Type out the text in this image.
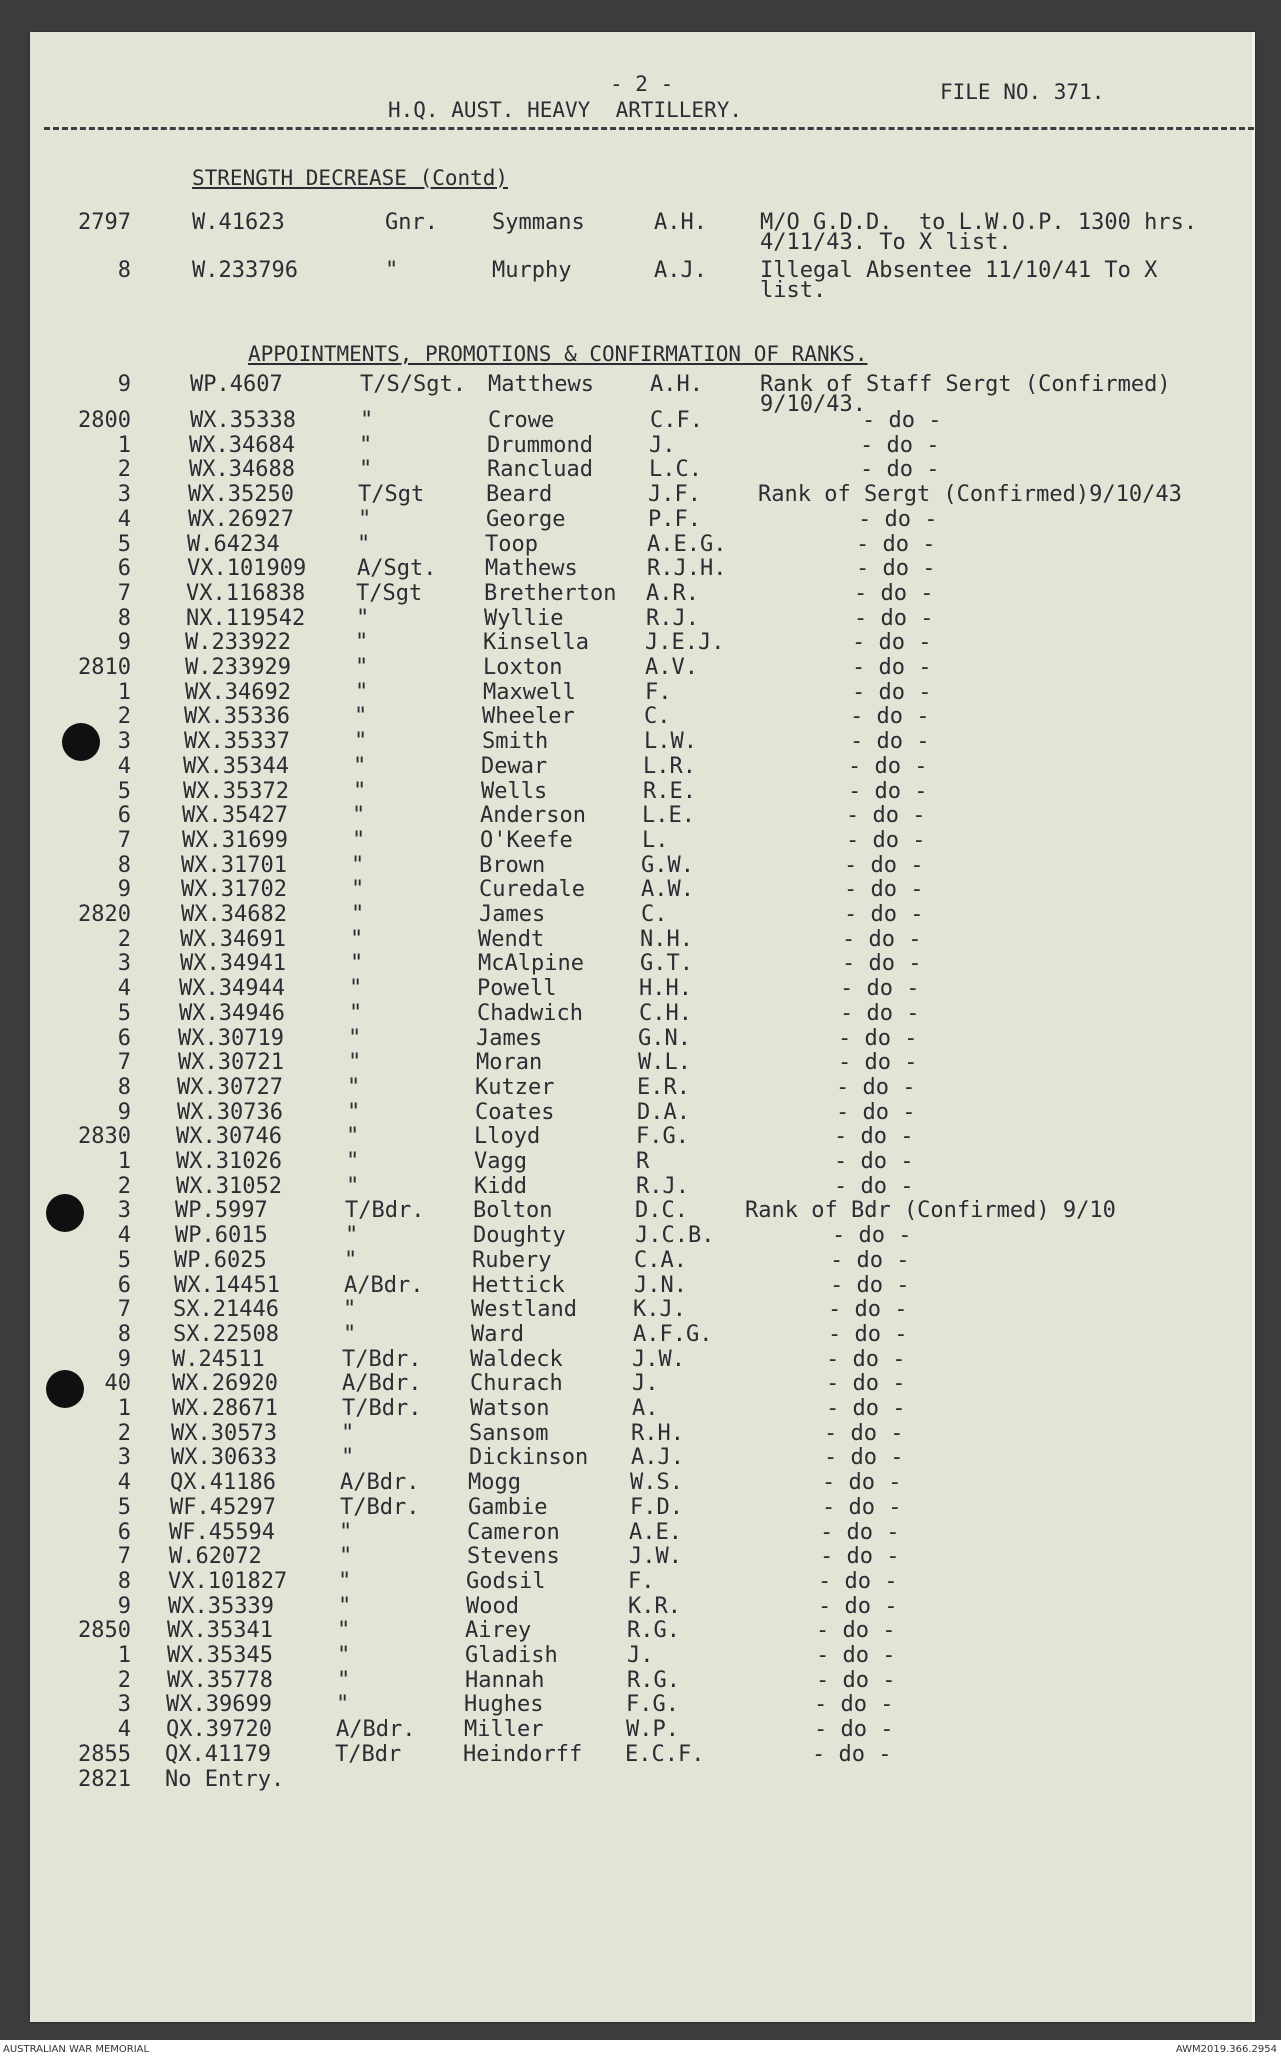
- 2 -
H.Q. AUST. HEAVY  ARTILLERY.
FILE NO. 371.
STRENGTH DECREASE (Contd)
2797	W.41623	Gnr. Symmans	A.H. M/O G.D.D.  to L.W.O.P. 1300 hrs.
4/11/43. To X list.
8	W.233796	"	Murphy	A.J. Illegal Absentee 11/10/41 To X
list.
APPOINTMENTS, PROMOTIONS & CONFIRMATION OF RANKS.
9	WP.4607	T/S/Sgt. Matthews	A.H.	Rank of Staff Sergt (Confirmed)
9/10/43.
2800	WX.35338	"	Crowe	C.F.	- do -
1	WX.34684	"	Drummond	J.	- do -
2	WX.34688	"	Rancluad	L.C.	- do -
3	WX.35250	T/Sgt	Beard	J.F.	Rank of Sergt (Confirmed)9/10/43
4	WX.26927	"	George	P.F.	- do -
5	W.64234	"	Toop	A.E.G.	- do -
6	VX.101909 A/Sgt. Mathews	R.J.H.	- do -
7	VX.116838 T/Sgt	Bretherton A.R.	- do -
8	NX.119542 "	Wyllie	R.J.	- do -
9 W.233922	"	Kinsella	J.E.J.	- do -
2810 W.233929	"	Loxton	A.V.	- do -
1 WX.34692	"	Maxwell	F.	- do -
2 WX.35336	"	Wheeler	C.	- do -
3 WX.35337	"	Smith	L.W.	- do -
4 WX.35344	"	Dewar	L.R.	- do -
5 WX.35372	"	Wells	R.E.	- do -
6 WX.35427	"	Anderson	L.E.	- do -
7 WX.31699	"	O'Keefe	L.	- do -
8 WX.31701	"	Brown	G.W.	- do -
9 WX.31702	"	Curedale	A.W.	- do -
2820 WX.34682	"	James	C.	- do -
2 WX.34691	"	Wendt	N.H.	- do -
3 WX.34941	"	McAlpine	G.T.	- do -
4 WX.34944	"	Powell	H.H.	- do -
5 WX.34946	"	Chadwich	C.H.	- do -
6 WX.30719	"	James	G.N.	- do -
7 WX.30721	"	Moran	W.L.	- do -
8 WX.30727	"	Kutzer	E.R.	- do -
9 WX.30736	"	Coates	D.A.	- do -
2830 WX.30746	"	Lloyd	F.G.	- do -
1 WX.31026	"	Vagg	R	- do -
2 WX.31052	"	Kidd	R.J.	- do -
3 WP.5997	T/Bdr. Bolton	D.C.	Rank of Bdr (Confirmed) 9/10
4 WP.6015	"	Doughty	J.C.B.	- do -
5 WP.6025	"	Rubery	C.A.	- do -
6 WX.14451	A/Bdr. Hettick	J.N.	- do -
7 SX.21446	"	Westland	K.J.	- do -
8 SX.22508	"	Ward	A.F.G.	- do -
9 W.24511	T/Bdr. Waldeck	J.W.	- do -
40 WX.26920	A/Bdr. Churach	J.	- do -
1 WX.28671	T/Bdr. Watson	A.	- do -
2 WX.30573	"	Sansom	R.H.	- do -
3 WX.30633	"	Dickinson A.J.	- do -
4 QX.41186	A/Bdr. Mogg	W.S.	- do -
5 WF.45297	T/Bdr. Gambie	F.D.	- do -
6 WF.45594	"	Cameron	A.E.	- do -
7 W.62072	"	Stevens	J.W.	- do -
8 VX.101827 "	Godsil	F.	- do -
9 WX.35339	"	Wood	K.R.	- do -
2850 WX.35341	"	Airey	R.G.	- do -
1 WX.35345	"	Gladish	J.	- do -
2 WX.35778	"	Hannah	R.G.	- do -
3 WX.39699	"	Hughes	F.G.	- do -
4 QX.39720	A/Bdr. Miller	W.P.	- do -
2855 QX.41179	T/Bdr	Heindorff E.C.F.	- do -
2821 No Entry.
AUSTRALIAN WAR MEMORIAL	AWM2019.366.2954
